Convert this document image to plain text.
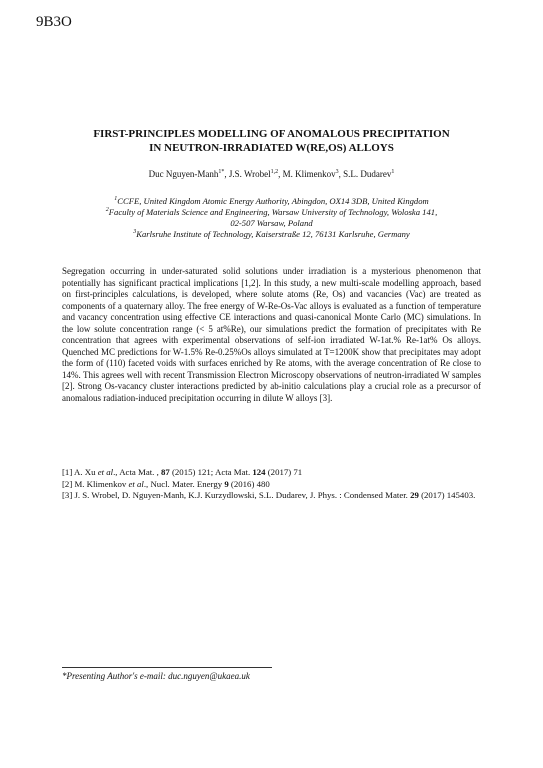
9B3O
FIRST-PRINCIPLES MODELLING OF ANOMALOUS PRECIPITATION
IN NEUTRON-IRRADIATED W(RE,OS) ALLOYS
Duc Nguyen-Manh$^{1*}$, J.S. Wrobel$^{1,2}$, M. Klimenkov$^3$, S.L. Dudarev$^1$
$^1$CCFE, United Kingdom Atomic Energy Authority, Abingdon, OX14 3DB, United Kingdom
$^2$Faculty of Materials Science and Engineering, Warsaw University of Technology, Woloska 141,
02-507 Warsaw, Poland
$^3$Karlsruhe Institute of Technology, Kaiserstraße 12, 76131 Karlsruhe, Germany
Segregation occurring in under-saturated solid solutions under irradiation is a mysterious phenomenon that potentially has significant practical implications [1,2]. In this study, a new multi-scale modelling approach, based on first-principles calculations, is developed, where solute atoms (Re, Os) and vacancies (Vac) are treated as components of a quaternary alloy. The free energy of W-Re-Os-Vac alloys is evaluated as a function of temperature and vacancy concentration using effective CE interactions and quasi-canonical Monte Carlo (MC) simulations. In the low solute concentration range (< 5 at%Re), our simulations predict the formation of precipitates with Re concentration that agrees with experimental observations of self-ion irradiated W-1at.% Re-1at% Os alloys. Quenched MC predictions for W-1.5% Re-0.25%Os alloys simulated at T=1200K show that precipitates may adopt the form of (110) faceted voids with surfaces enriched by Re atoms, with the average concentration of Re close to 14%. This agrees well with recent Transmission Electron Microscopy observations of neutron-irradiated W samples [2]. Strong Os-vacancy cluster interactions predicted by ab-initio calculations play a crucial role as a precursor of anomalous radiation-induced precipitation occurring in dilute W alloys [3].
[1] A. Xu et al., Acta Mat. , 87 (2015) 121; Acta Mat. 124 (2017) 71
[2] M. Klimenkov et al., Nucl. Mater. Energy 9 (2016) 480
[3] J. S. Wrobel, D. Nguyen-Manh, K.J. Kurzydlowski, S.L. Dudarev, J. Phys. : Condensed Mater. 29 (2017) 145403.
*Presenting Author's e-mail: duc.nguyen@ukaea.uk
